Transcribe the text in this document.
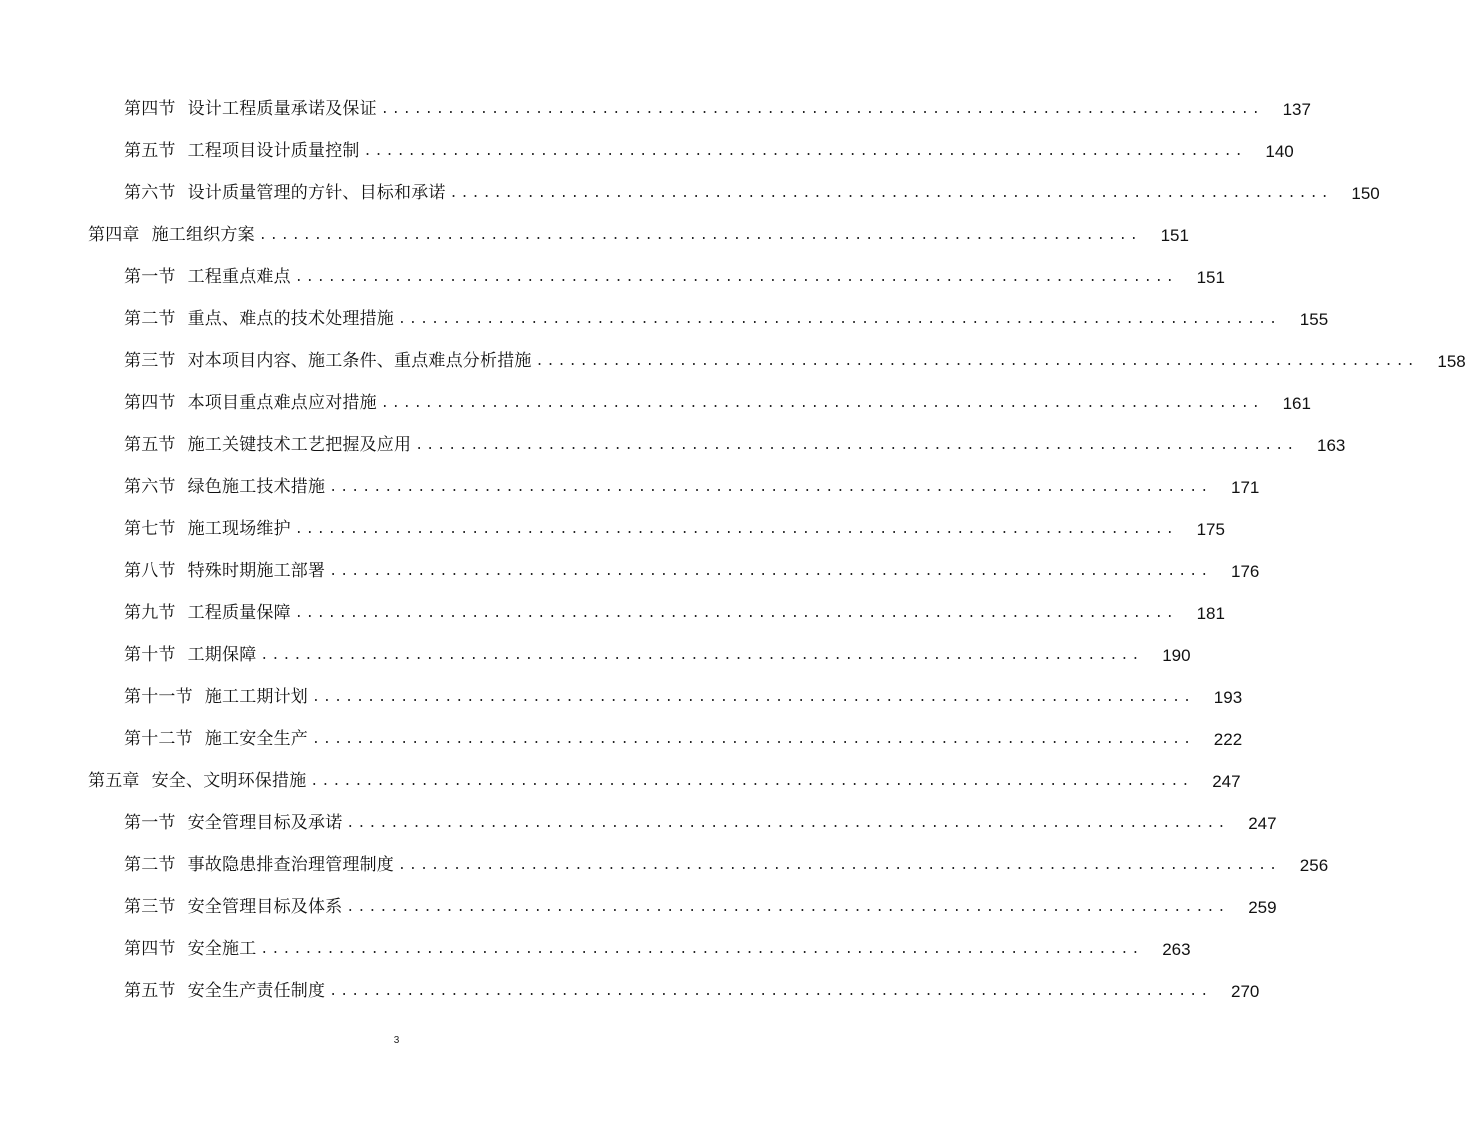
第四节 设计工程质量承诺及保证 ................................................................................	137
第五节 工程项目设计质量控制 ................................................................................	140
第六节 设计质量管理的方针、目标和承诺 ................................................................................	150
第四章 施工组织方案 ................................................................................	151
第一节 工程重点难点 ................................................................................	151
第二节 重点、难点的技术处理措施 ................................................................................	155
第三节 对本项目内容、施工条件、重点难点分析措施 ................................................................................	158
第四节 本项目重点难点应对措施 ................................................................................	161
第五节 施工关键技术工艺把握及应用 ................................................................................	163
第六节 绿色施工技术措施 ................................................................................	171
第七节 施工现场维护 ................................................................................	175
第八节 特殊时期施工部署 ................................................................................	176
第九节 工程质量保障 ................................................................................	181
第十节 工期保障 ................................................................................	190
第十一节 施工工期计划 ................................................................................	193
第十二节 施工安全生产 ................................................................................	222
第五章 安全、文明环保措施 ................................................................................	247
第一节 安全管理目标及承诺 ................................................................................	247
第二节 事故隐患排查治理管理制度 ................................................................................	256
第三节 安全管理目标及体系 ................................................................................	259
第四节 安全施工 ................................................................................	263
第五节 安全生产责任制度 ................................................................................	270
3
